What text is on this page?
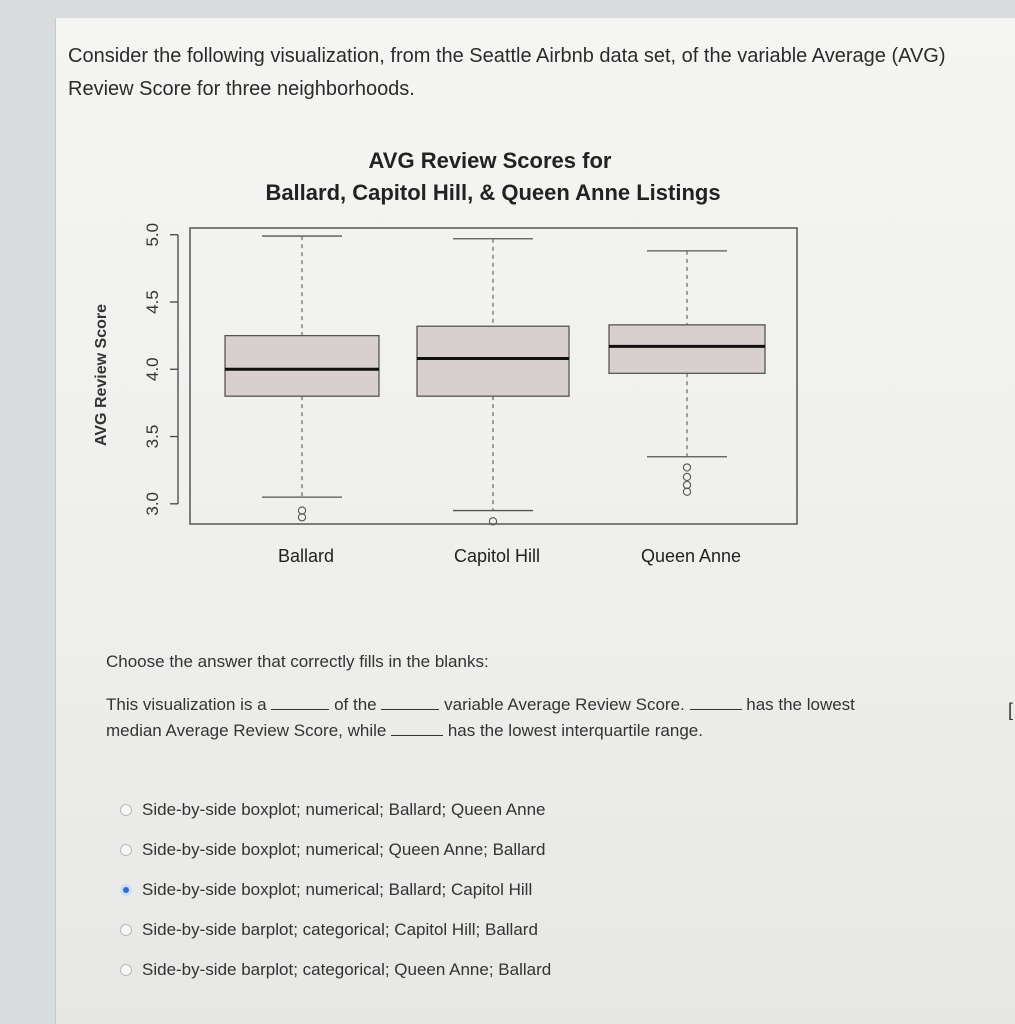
Consider the following visualization, from the Seattle Airbnb data set, of the variable Average (AVG)
Review Score for three neighborhoods.

AVG Review Scores for
Ballard, Capitol Hill, & Queen Anne Listings
AVG Review Score
3.0
3.5
4.0
4.5
5.0
Ballard	Capitol Hill	Queen Anne

Choose the answer that correctly fills in the blanks:

This visualization is a	of the	variable Average Review Score.	has the lowest
median Average Review Score, while	has the lowest interquartile range.
Side-by-side boxplot; numerical; Ballard; Queen Anne
Side-by-side boxplot; numerical; Queen Anne; Ballard
Side-by-side boxplot; numerical; Ballard; Capitol Hill
Side-by-side barplot; categorical; Capitol Hill; Ballard
Side-by-side barplot; categorical; Queen Anne; Ballard
[
